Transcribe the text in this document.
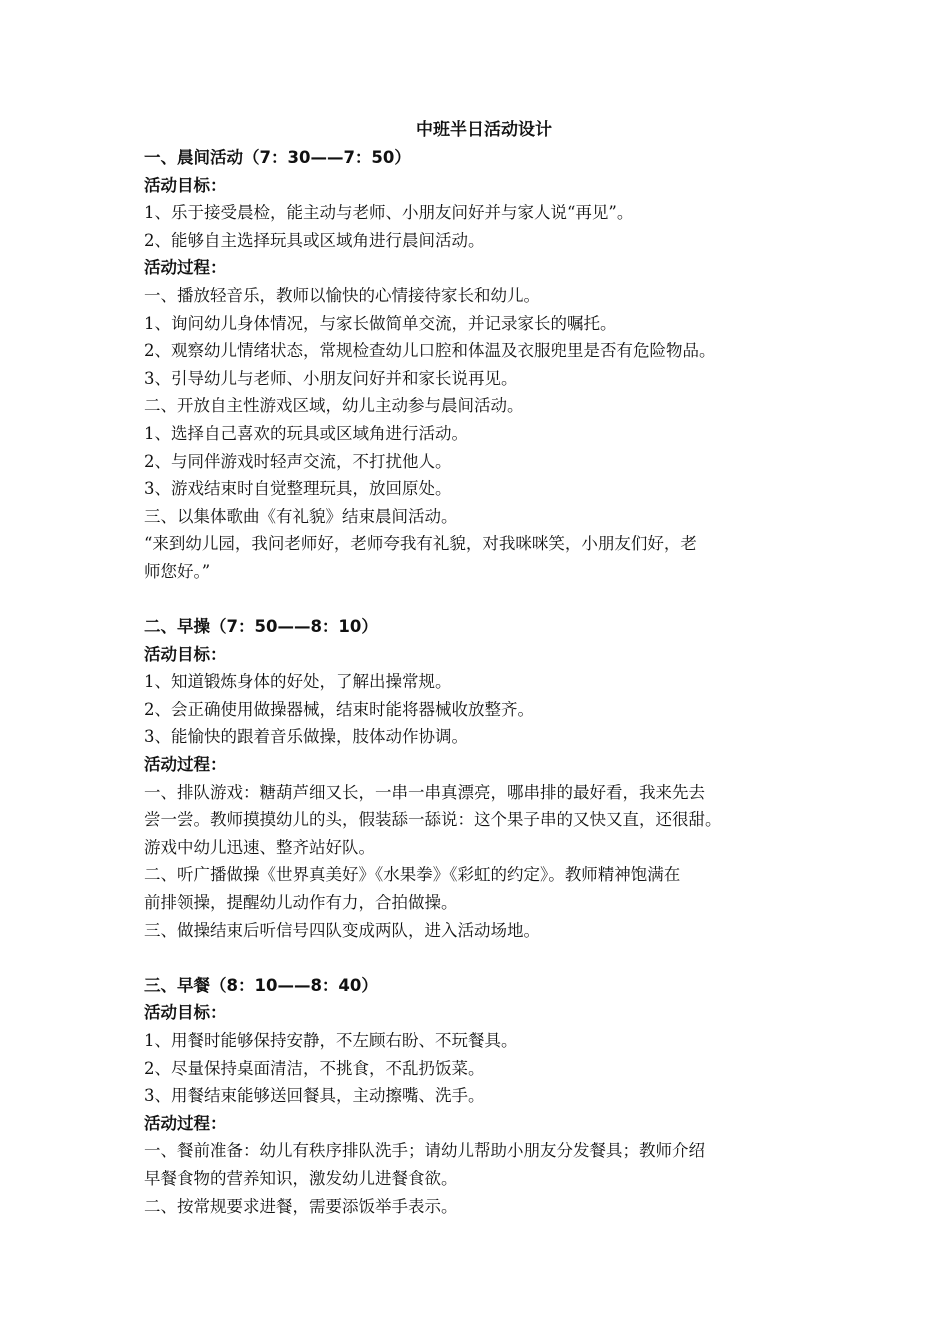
中班半日活动设计
一、晨间活动（7：30——7：50）
活动目标：
1、乐于接受晨检，能主动与老师、小朋友问好并与家人说“再见”。
2、能够自主选择玩具或区域角进行晨间活动。
活动过程：
一、播放轻音乐，教师以愉快的心情接待家长和幼儿。
1、询问幼儿身体情况，与家长做简单交流，并记录家长的嘱托。
2、观察幼儿情绪状态，常规检查幼儿口腔和体温及衣服兜里是否有危险物品。
3、引导幼儿与老师、小朋友问好并和家长说再见。
二、开放自主性游戏区域，幼儿主动参与晨间活动。
1、选择自己喜欢的玩具或区域角进行活动。
2、与同伴游戏时轻声交流，不打扰他人。
3、游戏结束时自觉整理玩具，放回原处。
三、以集体歌曲《有礼貌》结束晨间活动。
“来到幼儿园，我问老师好，老师夸我有礼貌，对我咪咪笑，小朋友们好，老
师您好。”
二、早操（7：50——8：10）
活动目标：
1、知道锻炼身体的好处，了解出操常规。
2、会正确使用做操器械，结束时能将器械收放整齐。
3、能愉快的跟着音乐做操，肢体动作协调。
活动过程：
一、排队游戏：糖葫芦细又长，一串一串真漂亮，哪串排的最好看，我来先去
尝一尝。教师摸摸幼儿的头，假装舔一舔说：这个果子串的又快又直，还很甜。
游戏中幼儿迅速、整齐站好队。
二、听广播做操《世界真美好》《水果拳》《彩虹的约定》。教师精神饱满在
前排领操，提醒幼儿动作有力，合拍做操。
三、做操结束后听信号四队变成两队，进入活动场地。
三、早餐（8：10——8：40）
活动目标：
1、用餐时能够保持安静，不左顾右盼、不玩餐具。
2、尽量保持桌面清洁，不挑食，不乱扔饭菜。
3、用餐结束能够送回餐具，主动擦嘴、洗手。
活动过程：
一、餐前准备：幼儿有秩序排队洗手；请幼儿帮助小朋友分发餐具；教师介绍
早餐食物的营养知识，激发幼儿进餐食欲。
二、按常规要求进餐，需要添饭举手表示。
